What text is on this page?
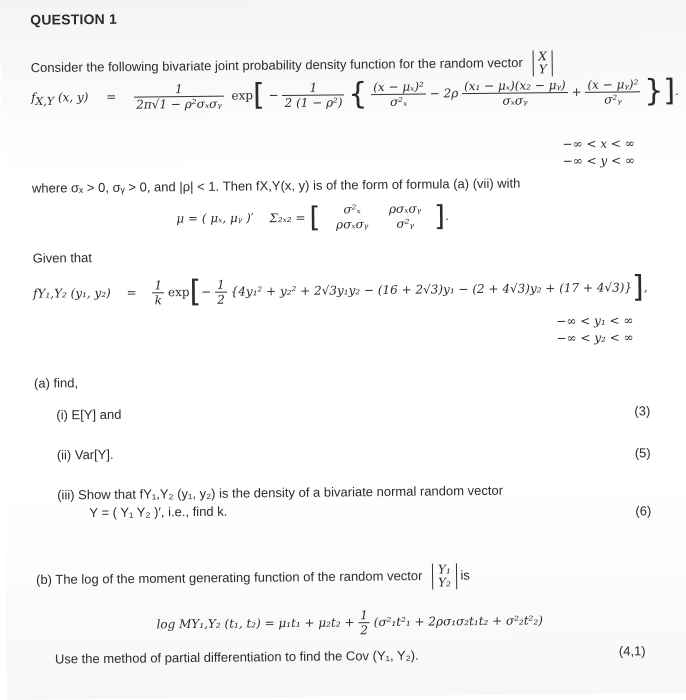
QUESTION 1
Consider the following bivariate joint probability density function for the random vector X
Y
$f_{X,Y}$ (x, $y) = \frac{1}{\text{2π√1 − ρ²σₓσᵧ}} \exp[ - \frac{1}{\text{2 (1 − ρ²)}}$ { $\frac{\text{(x − μₓ)²}}{\text{σ²ₓ}} - 2\rho \frac{\text{(x₁ − μₓ)(x₂ − μᵧ)}}{\text{σₓσᵧ}} + \frac{\text{(x − μᵧ)²}}{\text{σ²ᵧ}}$ }].
−∞ < x < ∞
−∞ < y < ∞
where σₓ > 0, σᵧ > 0, and |ρ| < 1. Then fX,Y(x, y) is of the form of formula (a) (vii) with
μ = ( μₓ, μᵧ )′ Σ₂ₓ₂ = [ σ²ₓ ρσₓσᵧ
ρσₓσᵧ σ²ᵧ ].
Given that
fY₁,Y₂ (y₁, $y_2) = \frac{1}{k} \exp[- \frac{1}{2} \{4y_1^2 + y_2^2 + 2√3y_1y_2 - (16 + 2√3)y_1 - (2 + 4√3)y_2 + (17 + 4√3)\}]$,
−∞ < y₁ < ∞
−∞ < y₂ < ∞
(a) find,
(i) E[Y] and	(3)
(ii) Var[Y].	(5)
(iii) Show that fY₁,Y₂ (y₁, y₂) is the density of a bivariate normal random vector
Y = ( Y₁ Y₂ )′, i.e., find k.	(6)
(b) The log of the moment generating function of the random vector Y₁
Y₂ is
log MY₁,Y₂ (t₁, $t_2) = \mu_1t_1 + \mu_2t_2 + \frac{1}{2} (\sigma^2_1t^2_1 + 2\rho\sigma_1\sigma_2t_1t_2 + \sigma^2_2t^2_2)$
Use the method of partial differentiation to find the Cov (Y₁, Y₂).	(4,1)
